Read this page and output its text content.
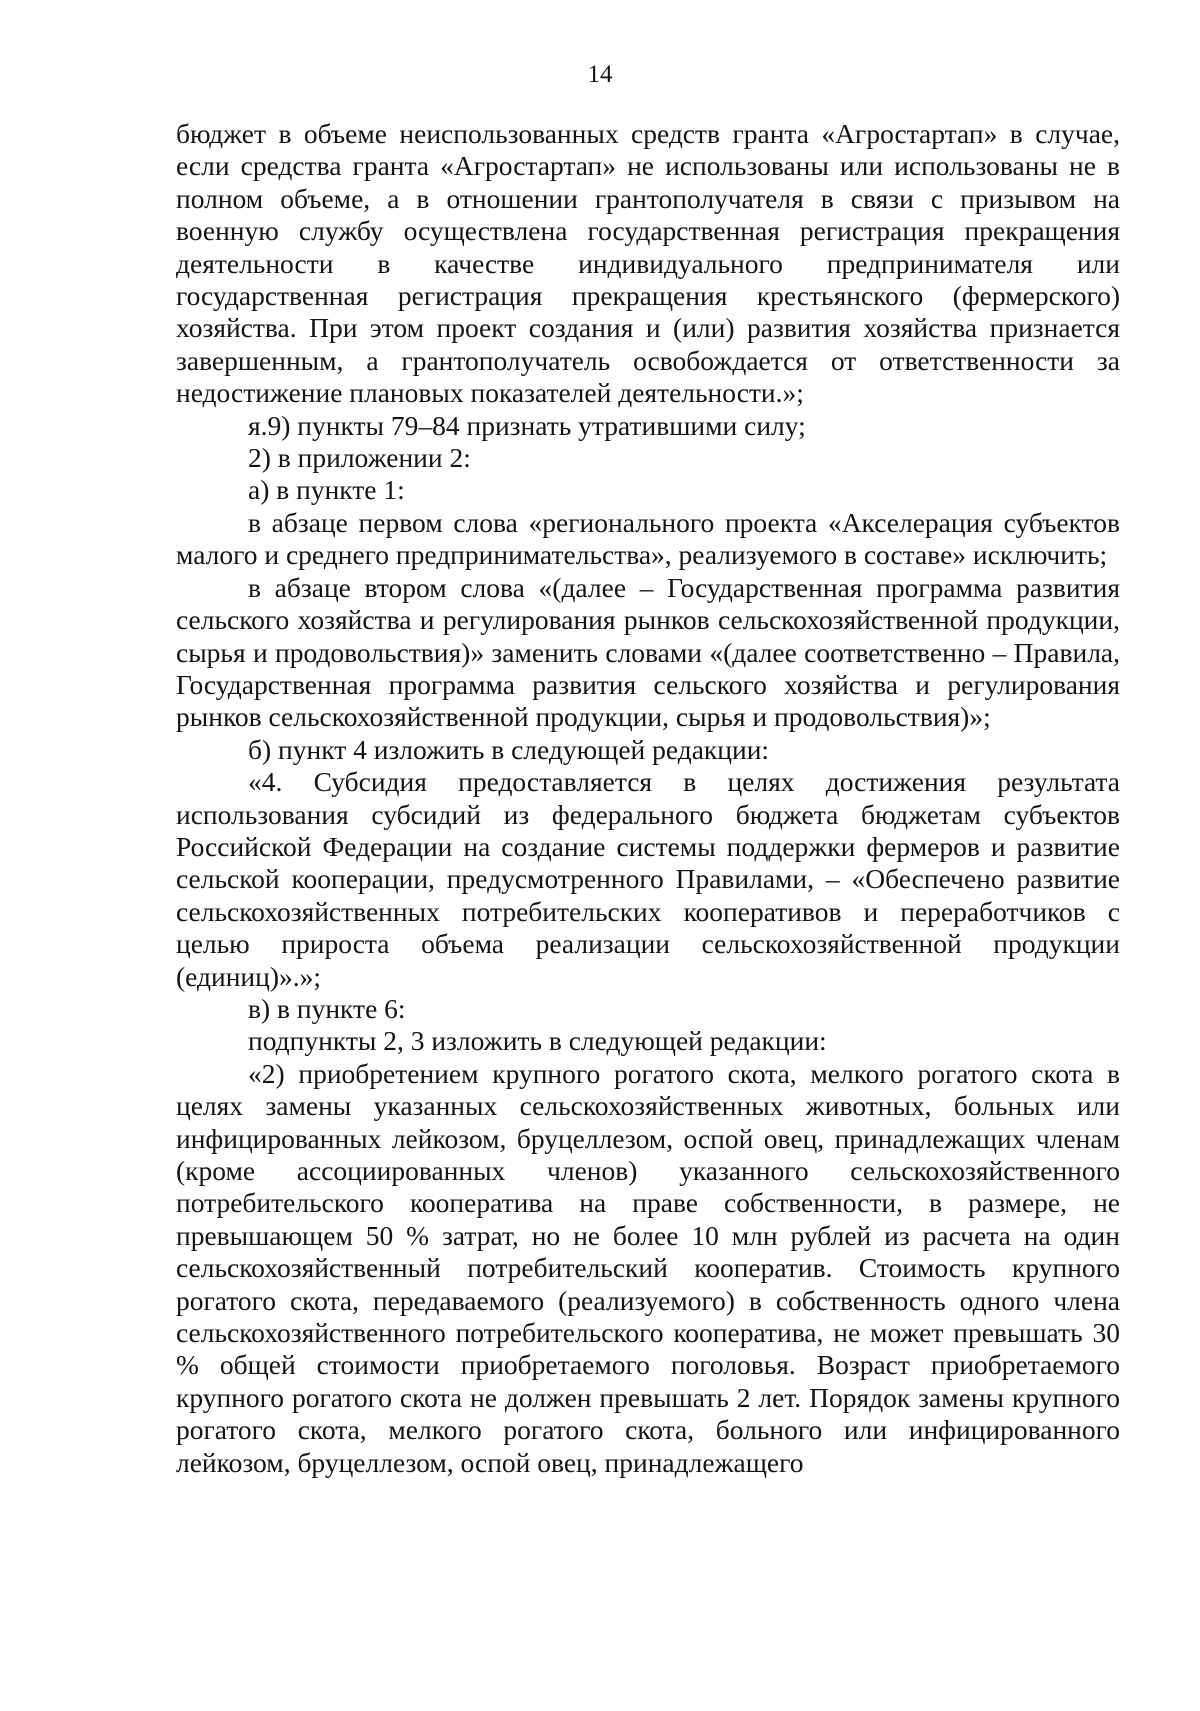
14

бюджет в объеме неиспользованных средств гранта «Агростартап» в случае, если средства гранта «Агростартап» не использованы или использованы не в полном объеме, а в отношении грантополучателя в связи с призывом на военную службу осуществлена государственная регистрация прекращения деятельности в качестве индивидуального предпринимателя или государственная регистрация прекращения крестьянского (фермерского) хозяйства. При этом проект создания и (или) развития хозяйства признается завершенным, а грантополучатель освобождается от ответственности за недостижение плановых показателей деятельности.»;

я.9) пункты 79–84 признать утратившими силу;

2) в приложении 2:

а) в пункте 1:

в абзаце первом слова «регионального проекта «Акселерация субъектов малого и среднего предпринимательства», реализуемого в составе» исключить;

в абзаце втором слова «(далее – Государственная программа развития сельского хозяйства и регулирования рынков сельскохозяйственной продукции, сырья и продовольствия)» заменить словами «(далее соответственно – Правила, Государственная программа развития сельского хозяйства и регулирования рынков сельскохозяйственной продукции, сырья и продовольствия)»;

б) пункт 4 изложить в следующей редакции:

«4. Субсидия предоставляется в целях достижения результата использования субсидий из федерального бюджета бюджетам субъектов Российской Федерации на создание системы поддержки фермеров и развитие сельской кооперации, предусмотренного Правилами, – «Обеспечено развитие сельскохозяйственных потребительских кооперативов и переработчиков с целью прироста объема реализации сельскохозяйственной продукции (единиц)».»;

в) в пункте 6:

подпункты 2, 3 изложить в следующей редакции:

«2) приобретением крупного рогатого скота, мелкого рогатого скота в целях замены указанных сельскохозяйственных животных, больных или инфицированных лейкозом, бруцеллезом, оспой овец, принадлежащих членам (кроме ассоциированных членов) указанного сельскохозяйственного потребительского кооператива на праве собственности, в размере, не превышающем 50 % затрат, но не более 10 млн рублей из расчета на один сельскохозяйственный потребительский кооператив. Стоимость крупного рогатого скота, передаваемого (реализуемого) в собственность одного члена сельскохозяйственного потребительского кооператива, не может превышать 30 % общей стоимости приобретаемого поголовья. Возраст приобретаемого крупного рогатого скота не должен превышать 2 лет. Порядок замены крупного рогатого скота, мелкого рогатого скота, больного или инфицированного лейкозом, бруцеллезом, оспой овец, принадлежащего
